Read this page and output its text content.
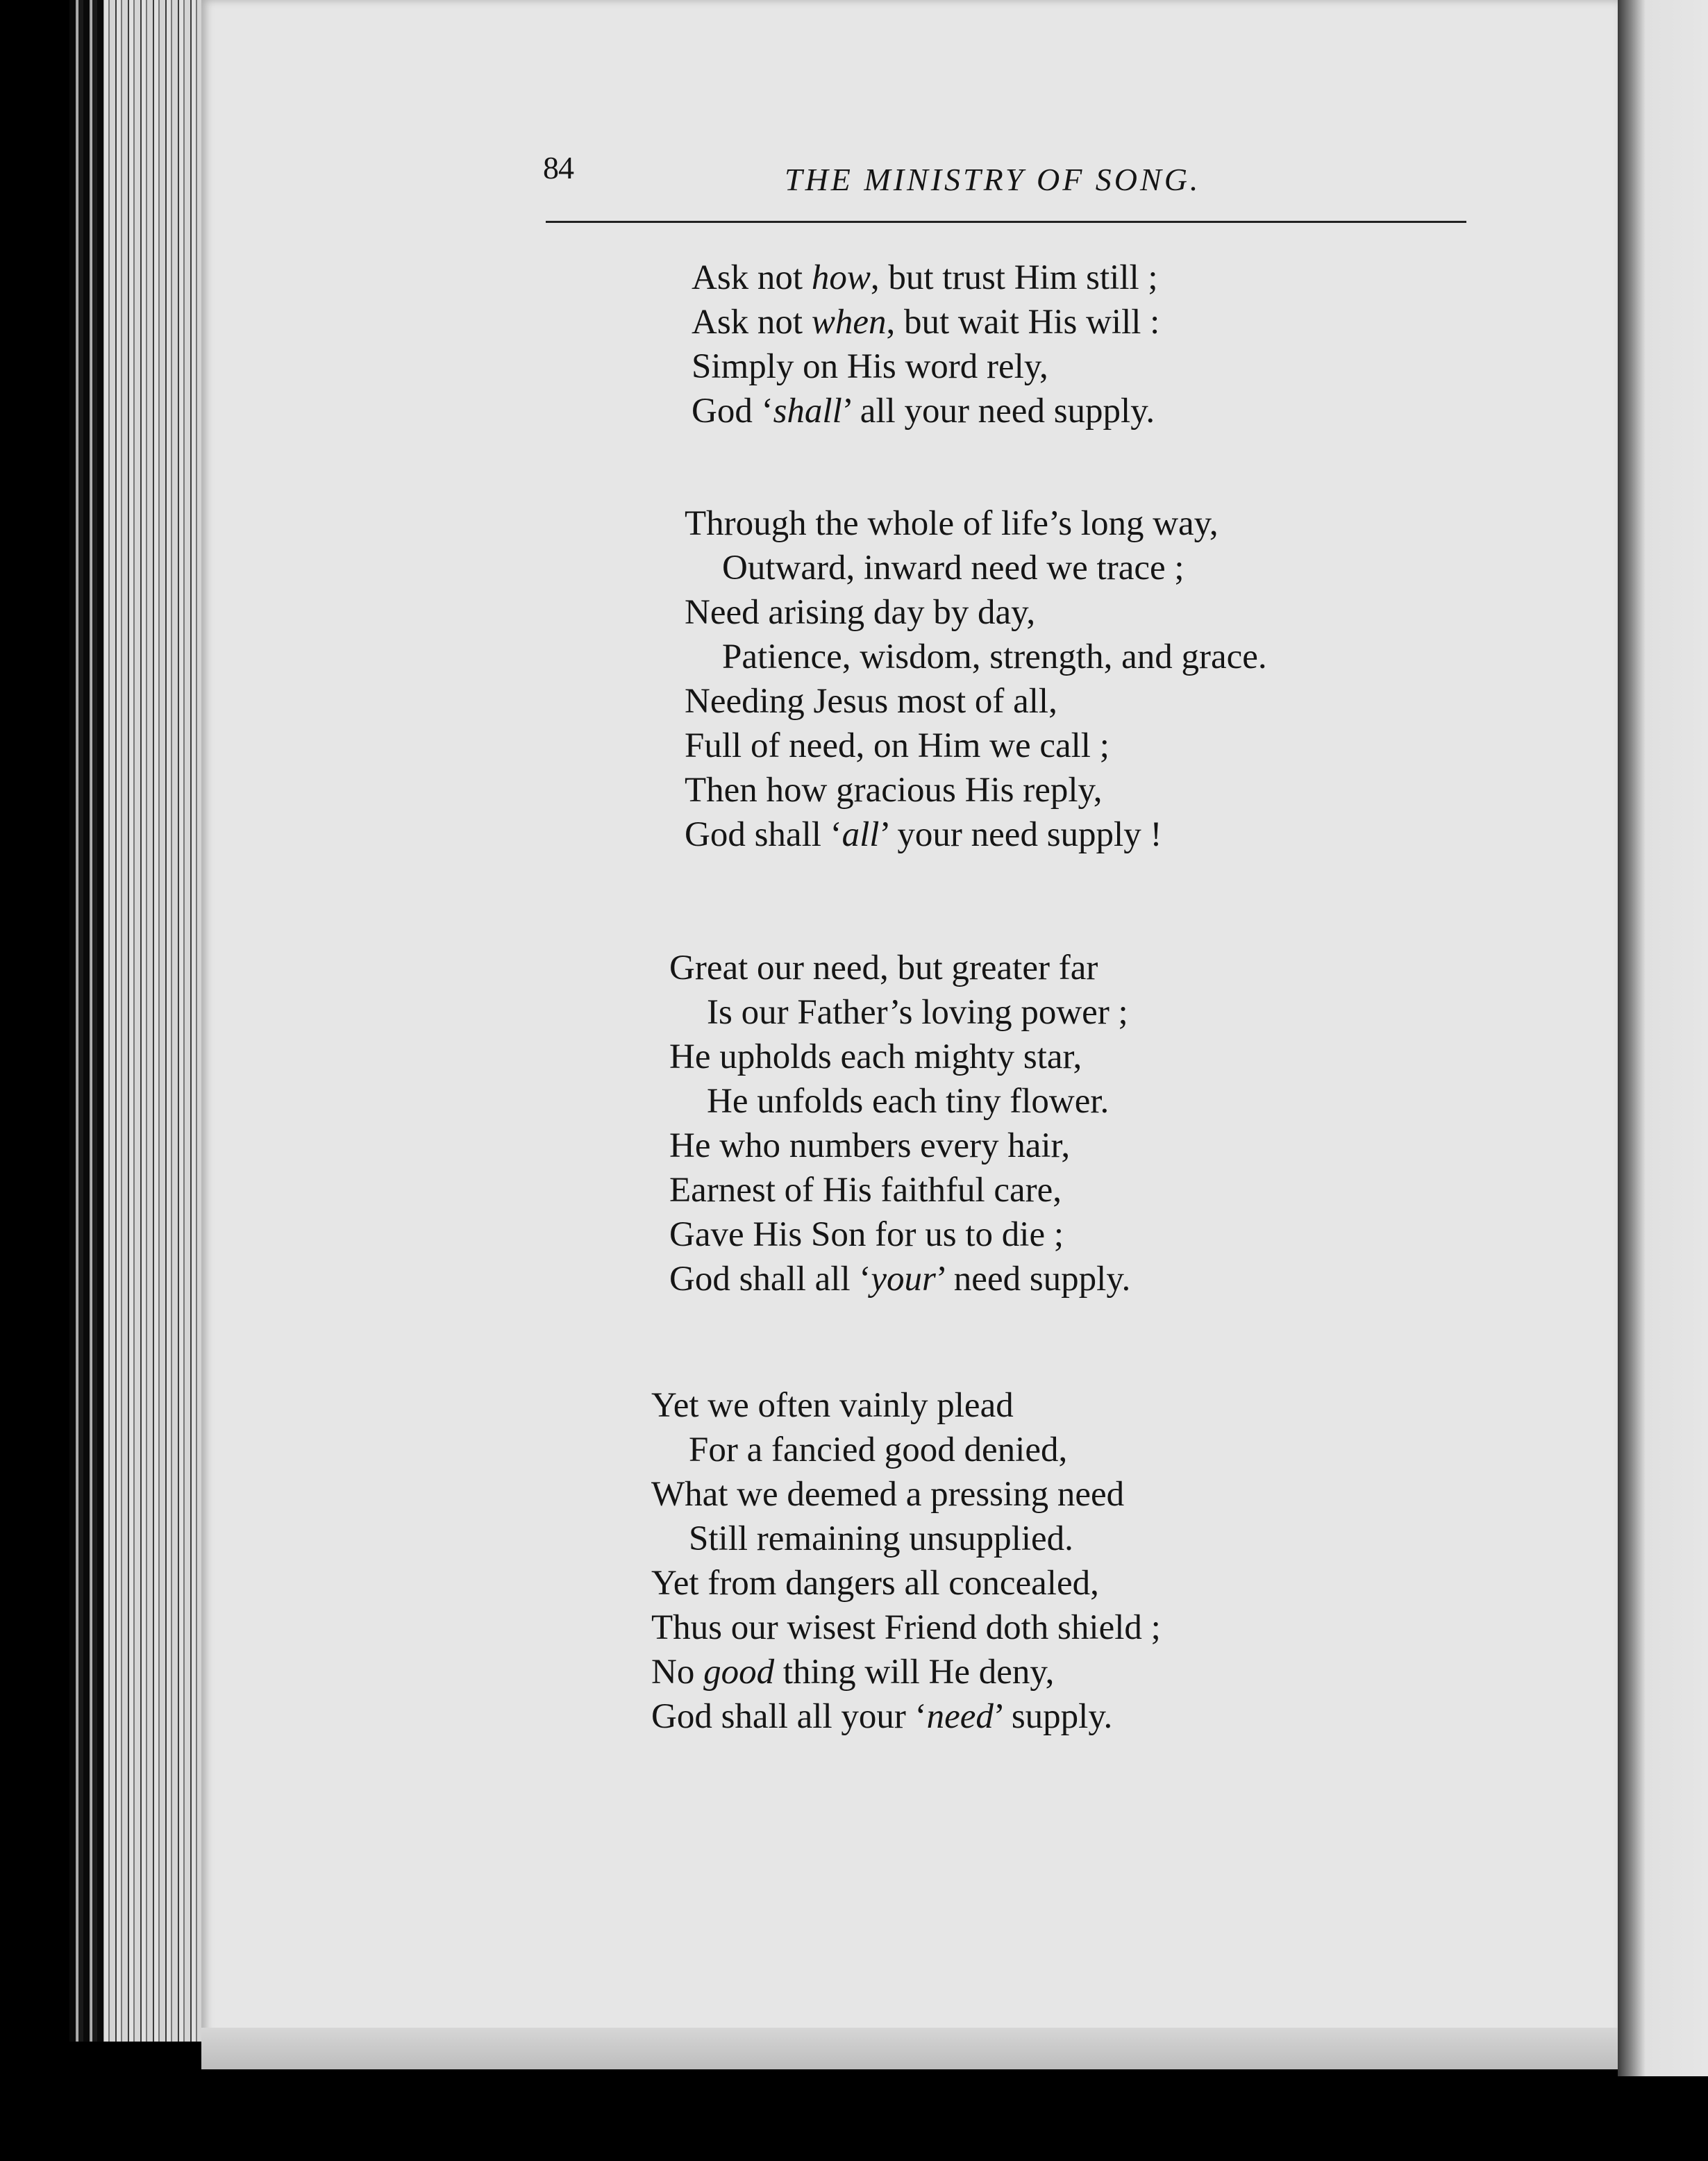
84	THE MINISTRY OF SONG.
Ask not how, but trust Him still ;
Ask not when, but wait His will :
Simply on His word rely,
God ‘shall’ all your need supply.
Through the whole of life’s long way,
Outward, inward need we trace ;
Need arising day by day,
Patience, wisdom, strength, and grace.
Needing Jesus most of all,
Full of need, on Him we call ;
Then how gracious His reply,
God shall ‘all’ your need supply !
Great our need, but greater far
Is our Father’s loving power ;
He upholds each mighty star,
He unfolds each tiny flower.
He who numbers every hair,
Earnest of His faithful care,
Gave His Son for us to die ;
God shall all ‘your’ need supply.
Yet we often vainly plead
For a fancied good denied,
What we deemed a pressing need
Still remaining unsupplied.
Yet from dangers all concealed,
Thus our wisest Friend doth shield ;
No good thing will He deny,
God shall all your ‘need’ supply.
